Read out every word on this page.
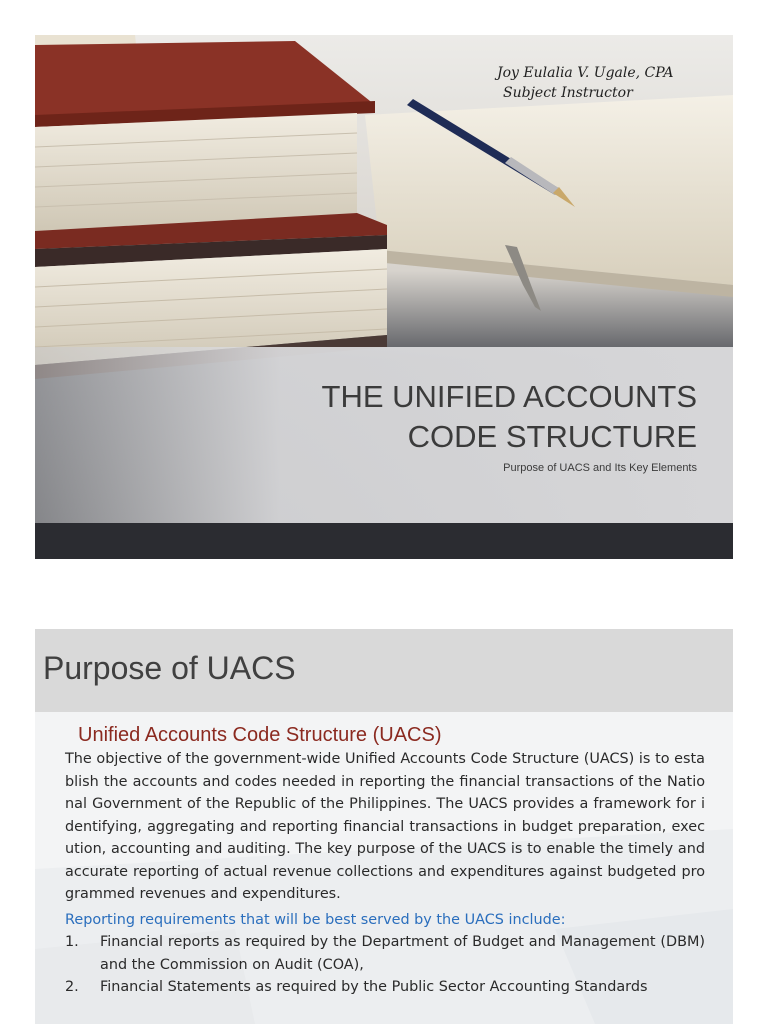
Joy Eulalia V. Ugale, CPA
Subject Instructor
THE UNIFIED ACCOUNTS
CODE STRUCTURE
Purpose of UACS and Its Key Elements
Purpose of UACS
Unified Accounts Code Structure (UACS)

The objective of the government-wide Unified Accounts Code Structure (UACS) is to establish the accounts and codes needed in reporting the financial transactions of the National Government of the Republic of the Philippines. The UACS provides a framework for identifying, aggregating and reporting financial transactions in budget preparation, execution, accounting and auditing. The key purpose of the UACS is to enable the timely and accurate reporting of actual revenue collections and expenditures against budgeted programmed revenues and expenditures.

Reporting requirements that will be best served by the UACS include:
1. Financial reports as required by the Department of Budget and Management (DBM) and the Commission on Audit (COA),
2. Financial Statements as required by the Public Sector Accounting Standards
